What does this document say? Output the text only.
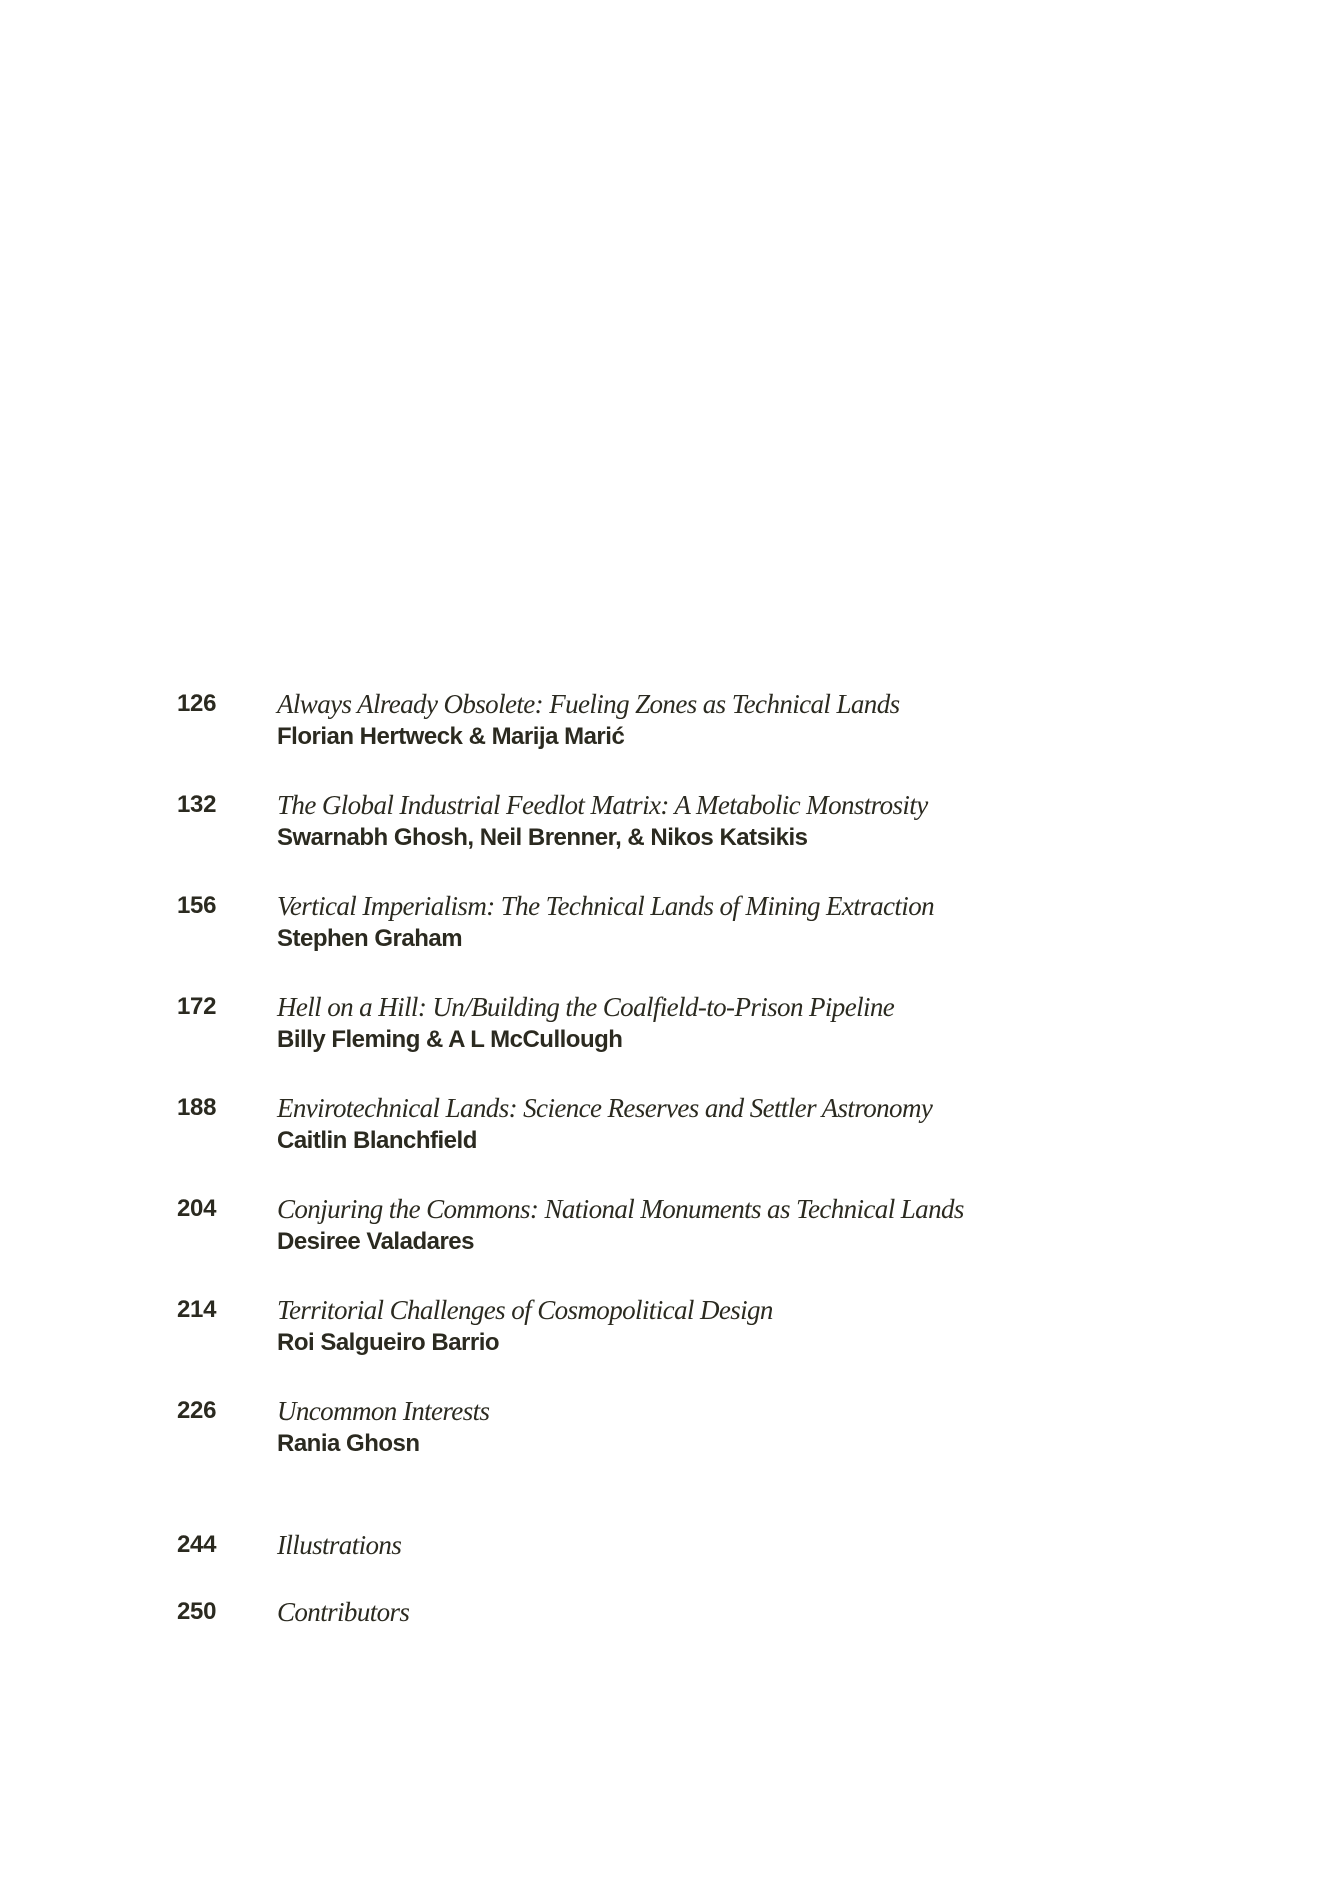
126 Always Already Obsolete: Fueling Zones as Technical Lands
Florian Hertweck & Marija Marić
132 The Global Industrial Feedlot Matrix: A Metabolic Monstrosity
Swarnabh Ghosh, Neil Brenner, & Nikos Katsikis
156 Vertical Imperialism: The Technical Lands of Mining Extraction
Stephen Graham
172 Hell on a Hill: Un/Building the Coalfield-to-Prison Pipeline
Billy Fleming & A L McCullough
188 Envirotechnical Lands: Science Reserves and Settler Astronomy
Caitlin Blanchfield
204 Conjuring the Commons: National Monuments as Technical Lands
Desiree Valadares
214 Territorial Challenges of Cosmopolitical Design
Roi Salgueiro Barrio
226 Uncommon Interests
Rania Ghosn
244 Illustrations
250 Contributors
